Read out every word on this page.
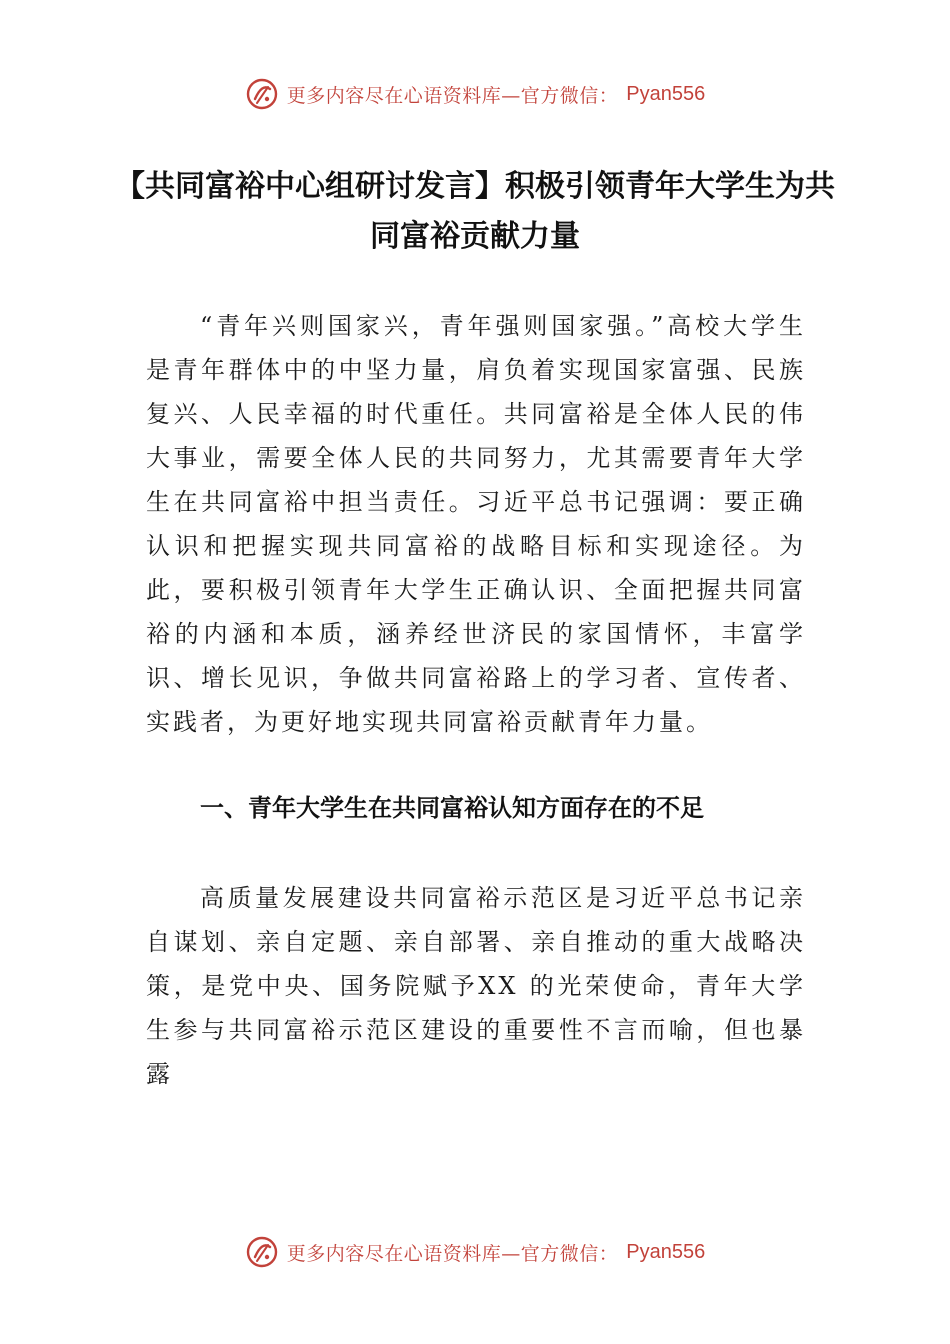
更多内容尽在心语资料库—官方微信： Pyan556
【共同富裕中心组研讨发言】积极引领青年大学生为共同富裕贡献力量

“青年兴则国家兴，青年强则国家强。”高校大学生是青年群体中的中坚力量，肩负着实现国家富强、民族复兴、人民幸福的时代重任。共同富裕是全体人民的伟大事业，需要全体人民的共同努力，尤其需要青年大学生在共同富裕中担当责任。习近平总书记强调：要正确认识和把握实现共同富裕的战略目标和实现途径。为此，要积极引领青年大学生正确认识、全面把握共同富裕的内涵和本质，涵养经世济民的家国情怀，丰富学识、增长见识，争做共同富裕路上的学习者、宣传者、实践者，为更好地实现共同富裕贡献青年力量。

一、青年大学生在共同富裕认知方面存在的不足

高质量发展建设共同富裕示范区是习近平总书记亲自谋划、亲自定题、亲自部署、亲自推动的重大战略决策，是党中央、国务院赋予XX 的光荣使命，青年大学生参与共同富裕示范区建设的重要性不言而喻，但也暴露

更多内容尽在心语资料库—官方微信： Pyan556
